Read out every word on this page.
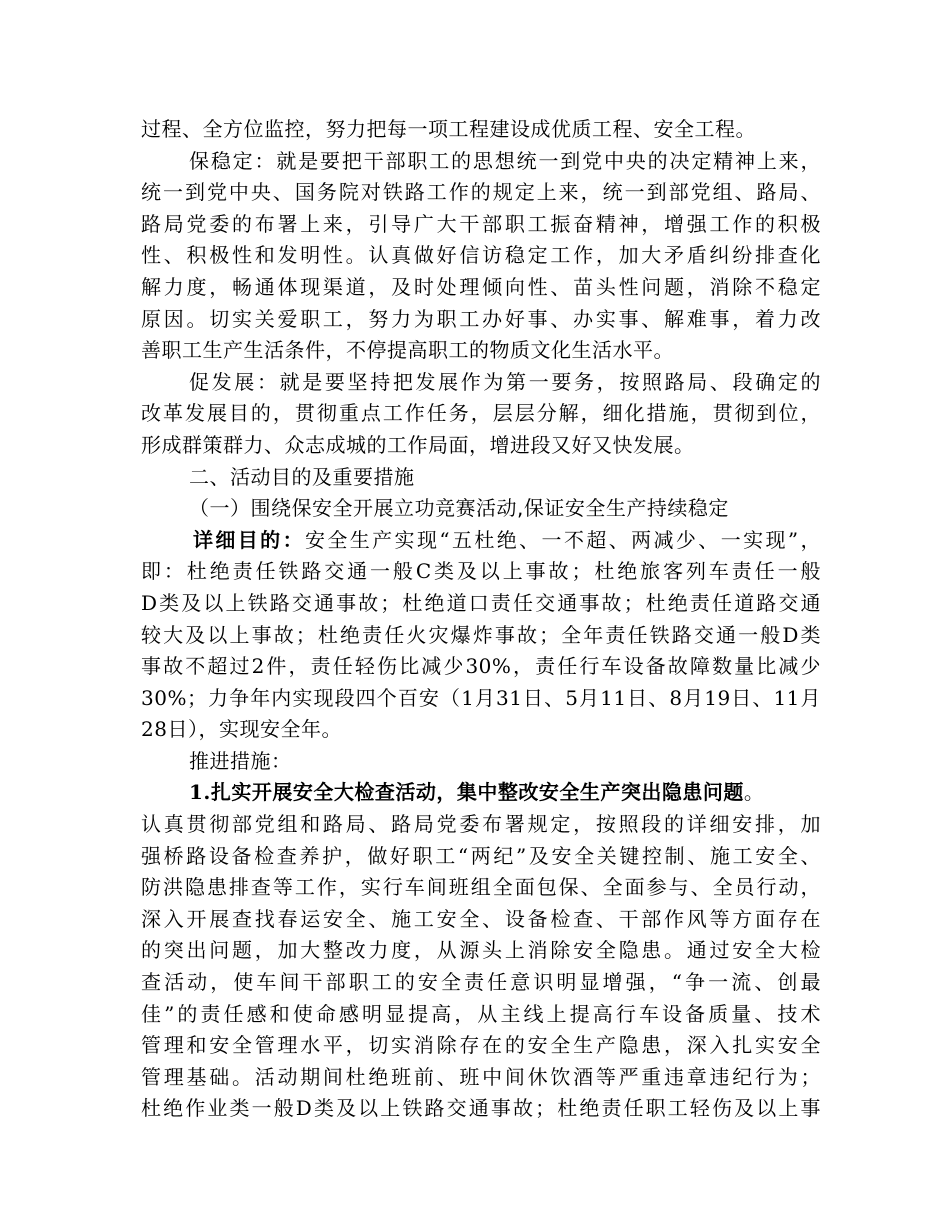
过程、全方位监控，努力把每一项工程建设成优质工程、安全工程。
保稳定：就是要把干部职工的思想统一到党中央的决定精神上来，
统一到党中央、国务院对铁路工作的规定上来，统一到部党组、路局、
路局党委的布署上来，引导广大干部职工振奋精神，增强工作的积极
性、积极性和发明性。认真做好信访稳定工作，加大矛盾纠纷排查化
解力度，畅通体现渠道，及时处理倾向性、苗头性问题，消除不稳定
原因。切实关爱职工，努力为职工办好事、办实事、解难事，着力改
善职工生产生活条件，不停提高职工的物质文化生活水平。
促发展：就是要坚持把发展作为第一要务，按照路局、段确定的
改革发展目的，贯彻重点工作任务，层层分解，细化措施，贯彻到位，
形成群策群力、众志成城的工作局面，增进段又好又快发展。
二、活动目的及重要措施
（一）围绕保安全开展立功竞赛活动,保证安全生产持续稳定
详细目的：安全生产实现“五杜绝、一不超、两减少、一实现”，
即：杜绝责任铁路交通一般C类及以上事故；杜绝旅客列车责任一般
D类及以上铁路交通事故；杜绝道口责任交通事故；杜绝责任道路交通
较大及以上事故；杜绝责任火灾爆炸事故；全年责任铁路交通一般D类
事故不超过2件，责任轻伤比减少30%，责任行车设备故障数量比减少
30%；力争年内实现段四个百安（1月31日、5月11日、8月19日、11月
28日），实现安全年。
推进措施：
1.扎实开展安全大检查活动，集中整改安全生产突出隐患问题。
认真贯彻部党组和路局、路局党委布署规定，按照段的详细安排，加
强桥路设备检查养护，做好职工“两纪”及安全关键控制、施工安全、
防洪隐患排查等工作，实行车间班组全面包保、全面参与、全员行动，
深入开展查找春运安全、施工安全、设备检查、干部作风等方面存在
的突出问题，加大整改力度，从源头上消除安全隐患。通过安全大检
查活动，使车间干部职工的安全责任意识明显增强，“争一流、创最
佳”的责任感和使命感明显提高，从主线上提高行车设备质量、技术
管理和安全管理水平，切实消除存在的安全生产隐患，深入扎实安全
管理基础。活动期间杜绝班前、班中间休饮酒等严重违章违纪行为；
杜绝作业类一般D类及以上铁路交通事故；杜绝责任职工轻伤及以上事
